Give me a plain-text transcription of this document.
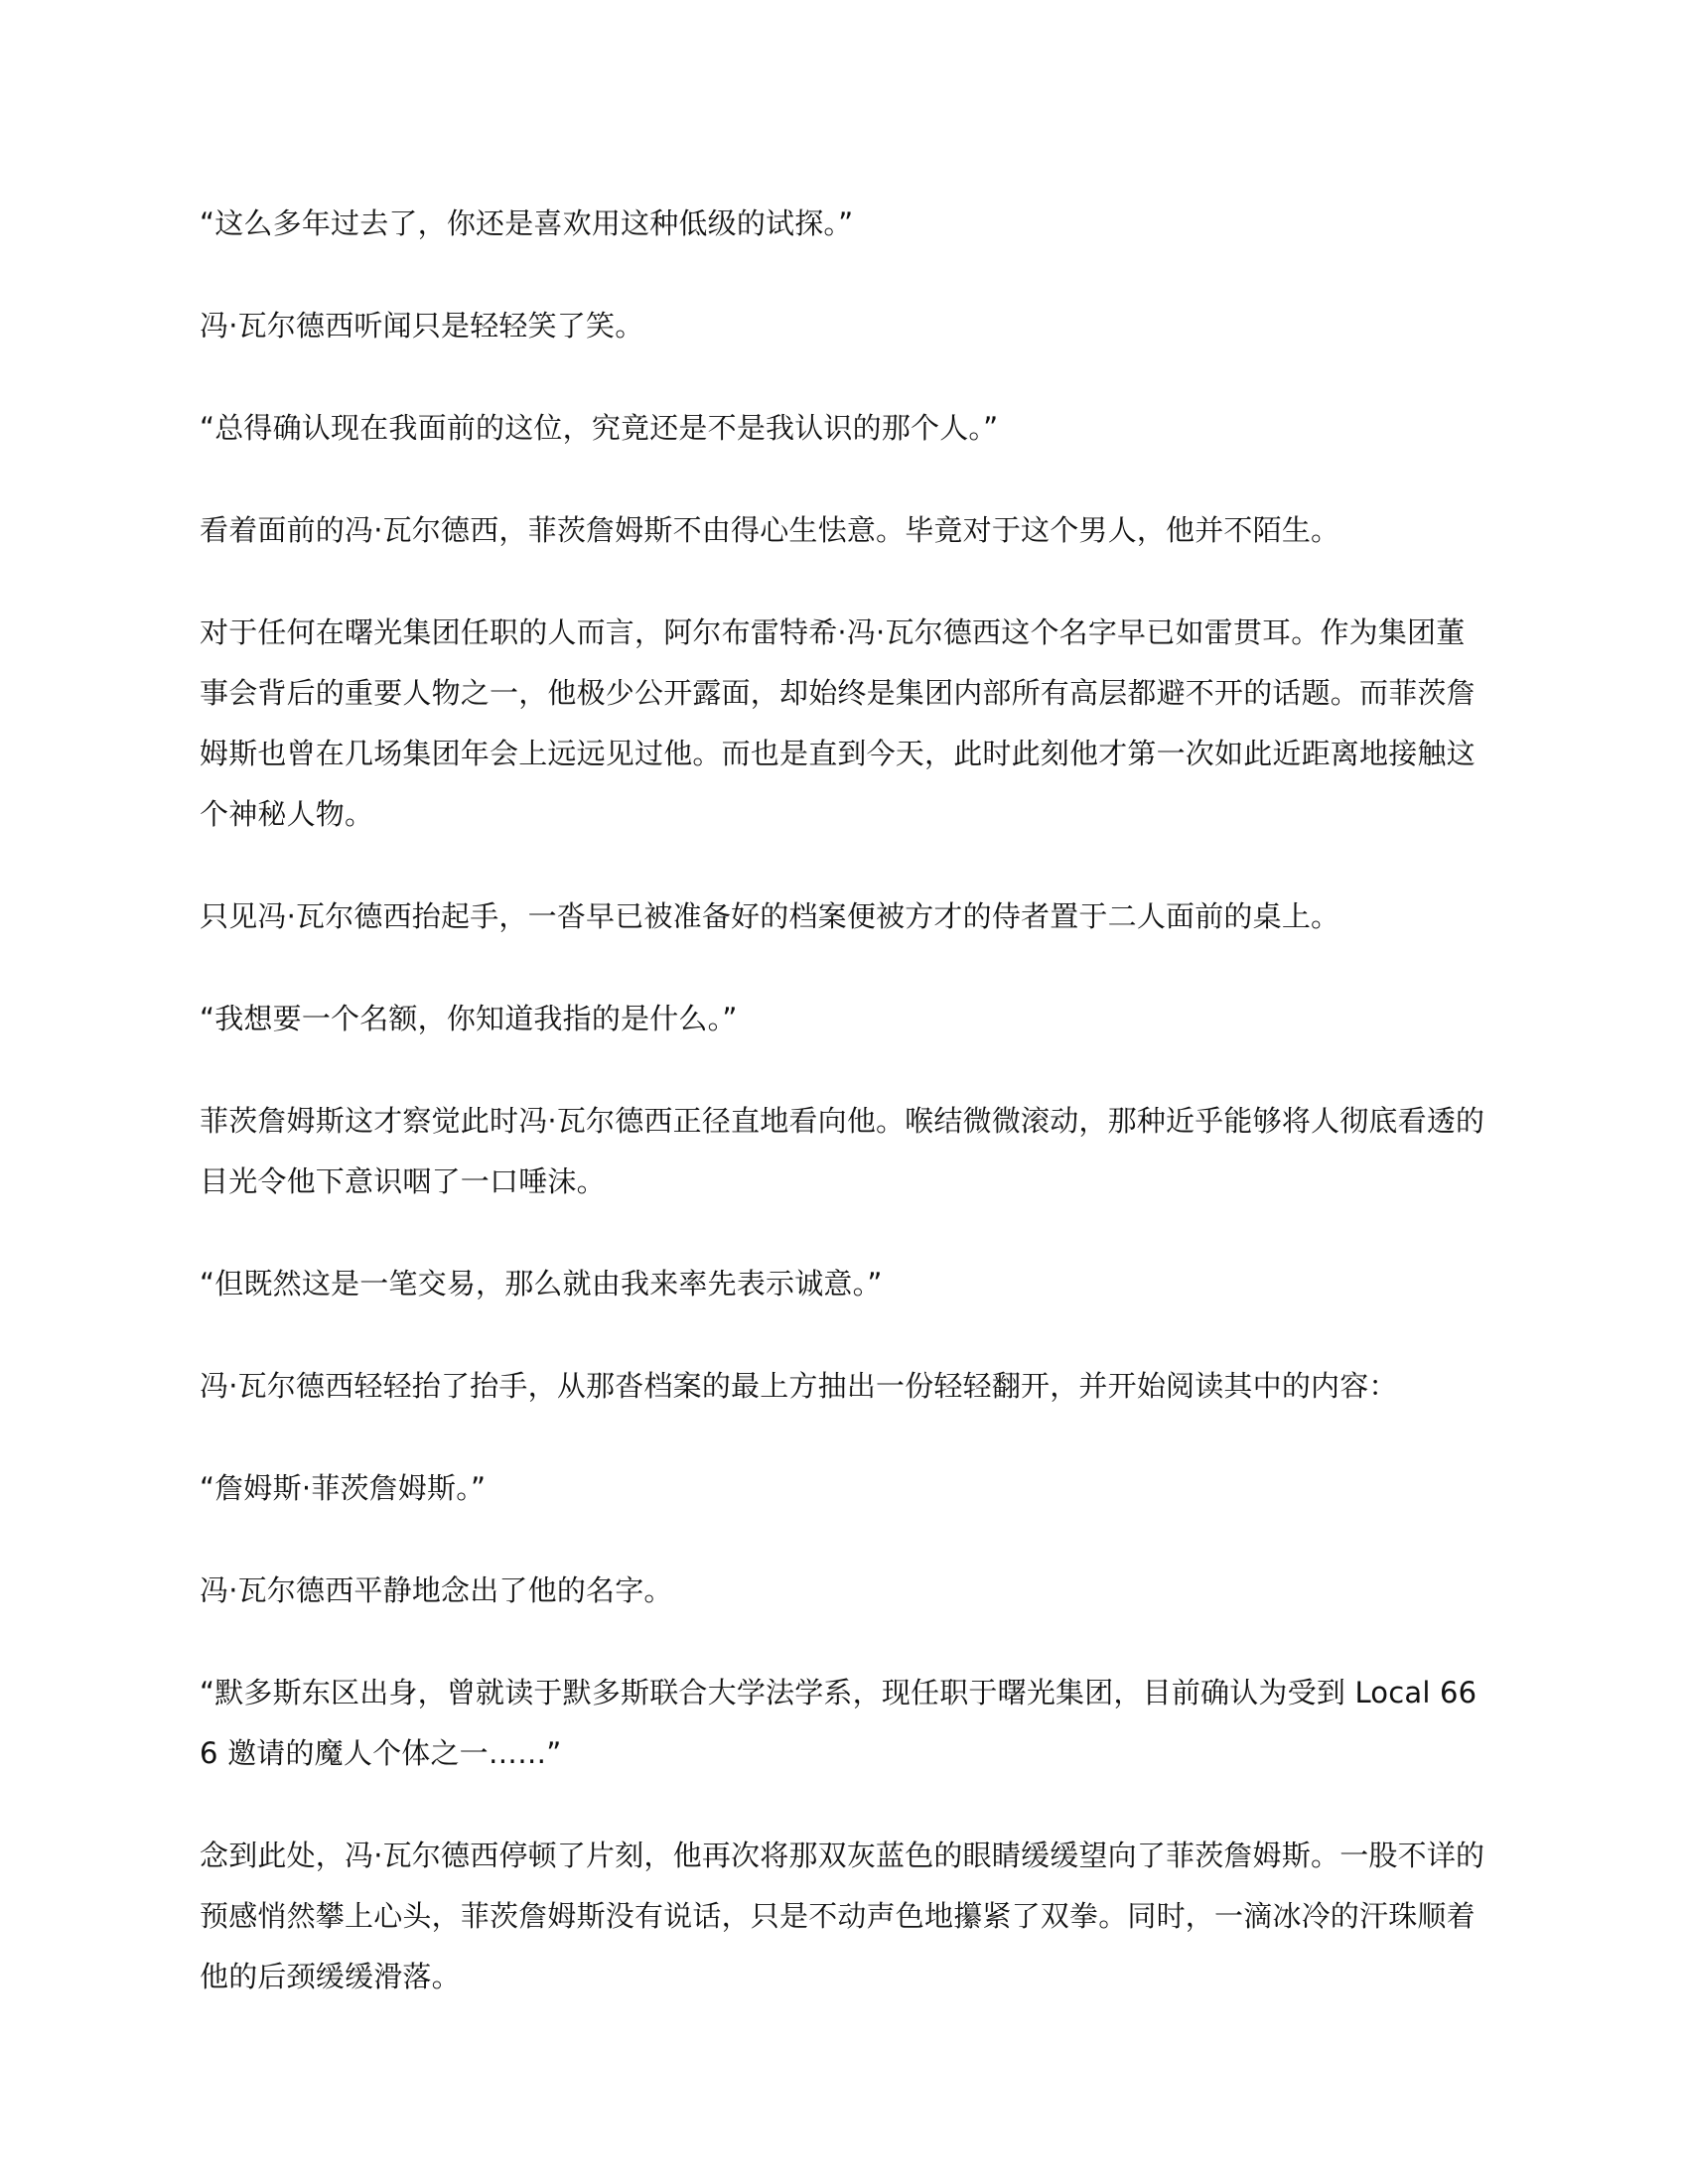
“这么多年过去了，你还是喜欢用这种低级的试探。”

冯·瓦尔德西听闻只是轻轻笑了笑。

“总得确认现在我面前的这位，究竟还是不是我认识的那个人。”

看着面前的冯·瓦尔德西，菲茨詹姆斯不由得心生怯意。毕竟对于这个男人，他并不陌生。

对于任何在曙光集团任职的人而言，阿尔布雷特希·冯·瓦尔德西这个名字早已如雷贯耳。作为集团董事会背后的重要人物之一，他极少公开露面，却始终是集团内部所有高层都避不开的话题。而菲茨詹姆斯也曾在几场集团年会上远远见过他。而也是直到今天，此时此刻他才第一次如此近距离地接触这个神秘人物。

只见冯·瓦尔德西抬起手，一沓早已被准备好的档案便被方才的侍者置于二人面前的桌上。

“我想要一个名额，你知道我指的是什么。”

菲茨詹姆斯这才察觉此时冯·瓦尔德西正径直地看向他。喉结微微滚动，那种近乎能够将人彻底看透的目光令他下意识咽了一口唾沫。

“但既然这是一笔交易，那么就由我来率先表示诚意。”

冯·瓦尔德西轻轻抬了抬手，从那沓档案的最上方抽出一份轻轻翻开，并开始阅读其中的内容：

“詹姆斯·菲茨詹姆斯。”

冯·瓦尔德西平静地念出了他的名字。

“默多斯东区出身，曾就读于默多斯联合大学法学系，现任职于曙光集团，目前确认为受到 Local 666 邀请的魔人个体之一……”

念到此处，冯·瓦尔德西停顿了片刻，他再次将那双灰蓝色的眼睛缓缓望向了菲茨詹姆斯。一股不详的预感悄然攀上心头，菲茨詹姆斯没有说话，只是不动声色地攥紧了双拳。同时，一滴冰冷的汗珠顺着他的后颈缓缓滑落。
